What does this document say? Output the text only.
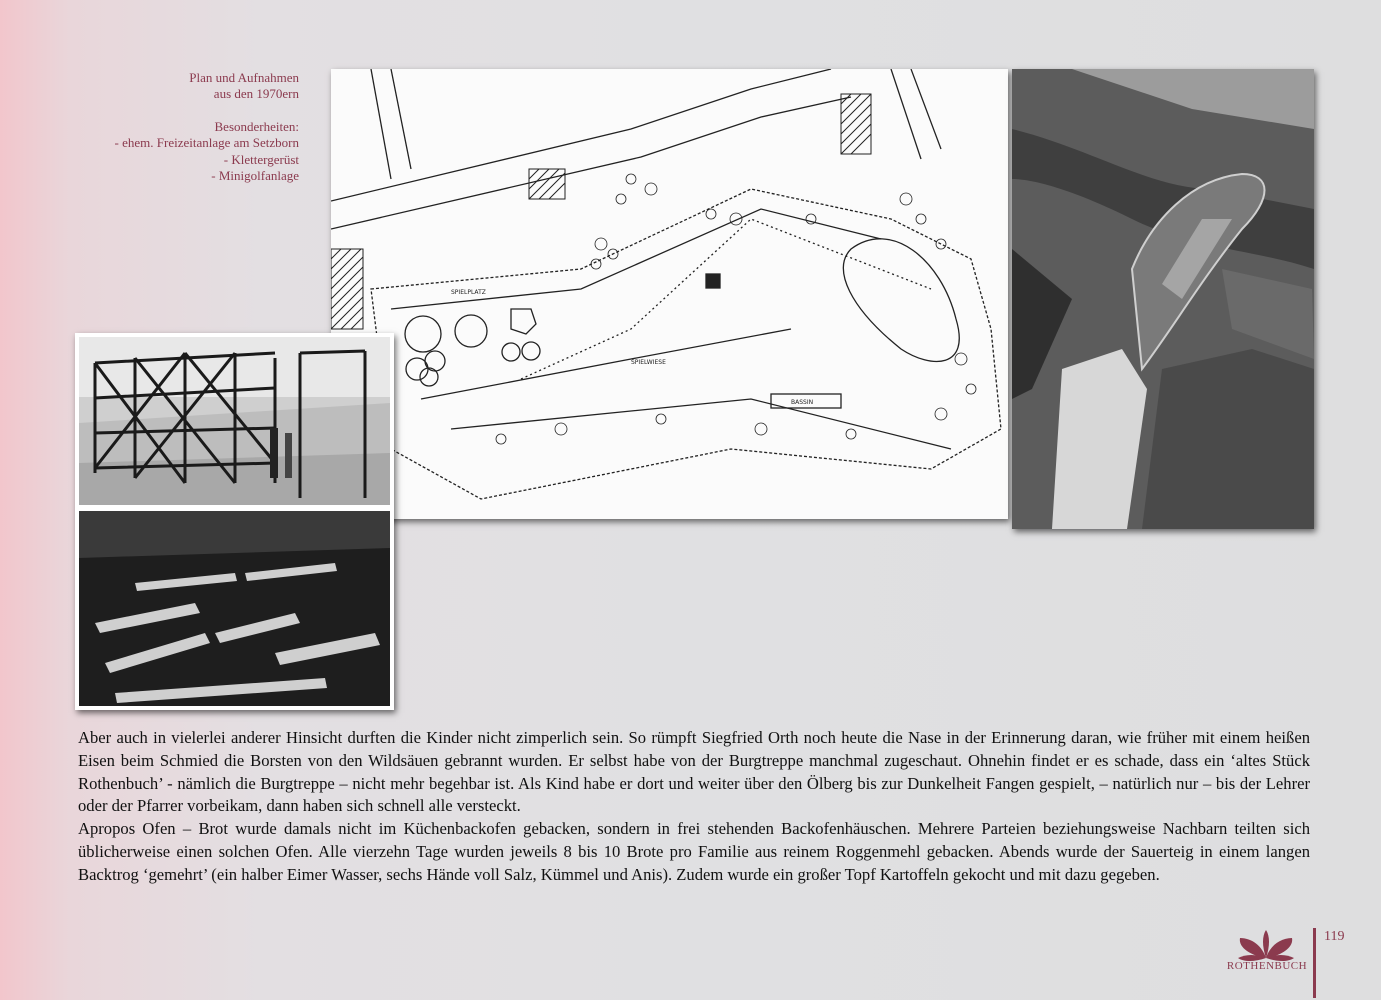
Plan und Aufnahmen
aus den 1970ern
Besonderheiten:
- ehem. Freizeitanlage am Setzborn
- Klettergerüst
- Minigolfanlage
SPIELWIESE
SPIELPLATZ
BASSIN

Aber auch in vielerlei anderer Hinsicht durften die Kinder nicht zimperlich sein. So rümpft Siegfried Orth noch heute die Nase in der Erinnerung daran, wie früher mit einem heißen Eisen beim Schmied die Borsten von den Wildsäuen gebrannt wurden. Er selbst habe von der Burgtreppe manchmal zugeschaut. Ohnehin findet er es schade, dass ein ‘altes Stück Rothenbuch’ - nämlich die Burgtreppe – nicht mehr begehbar ist. Als Kind habe er dort und weiter über den Ölberg bis zur Dunkelheit Fangen gespielt, – natürlich nur – bis der Lehrer oder der Pfarrer vorbeikam, dann haben sich schnell alle versteckt.

Apropos Ofen – Brot wurde damals nicht im Küchenbackofen gebacken, sondern in frei stehenden Backofenhäuschen. Mehrere Parteien beziehungsweise Nachbarn teilten sich üblicherweise einen solchen Ofen. Alle vierzehn Tage wurden jeweils 8 bis 10 Brote pro Familie aus reinem Roggenmehl gebacken. Abends wurde der Sauerteig in einem langen Backtrog ‘gemehrt’ (ein halber Eimer Wasser, sechs Hände voll Salz, Kümmel und Anis). Zudem wurde ein großer Topf Kartoffeln gekocht und mit dazu gegeben.

119
ROTHENBUCH
